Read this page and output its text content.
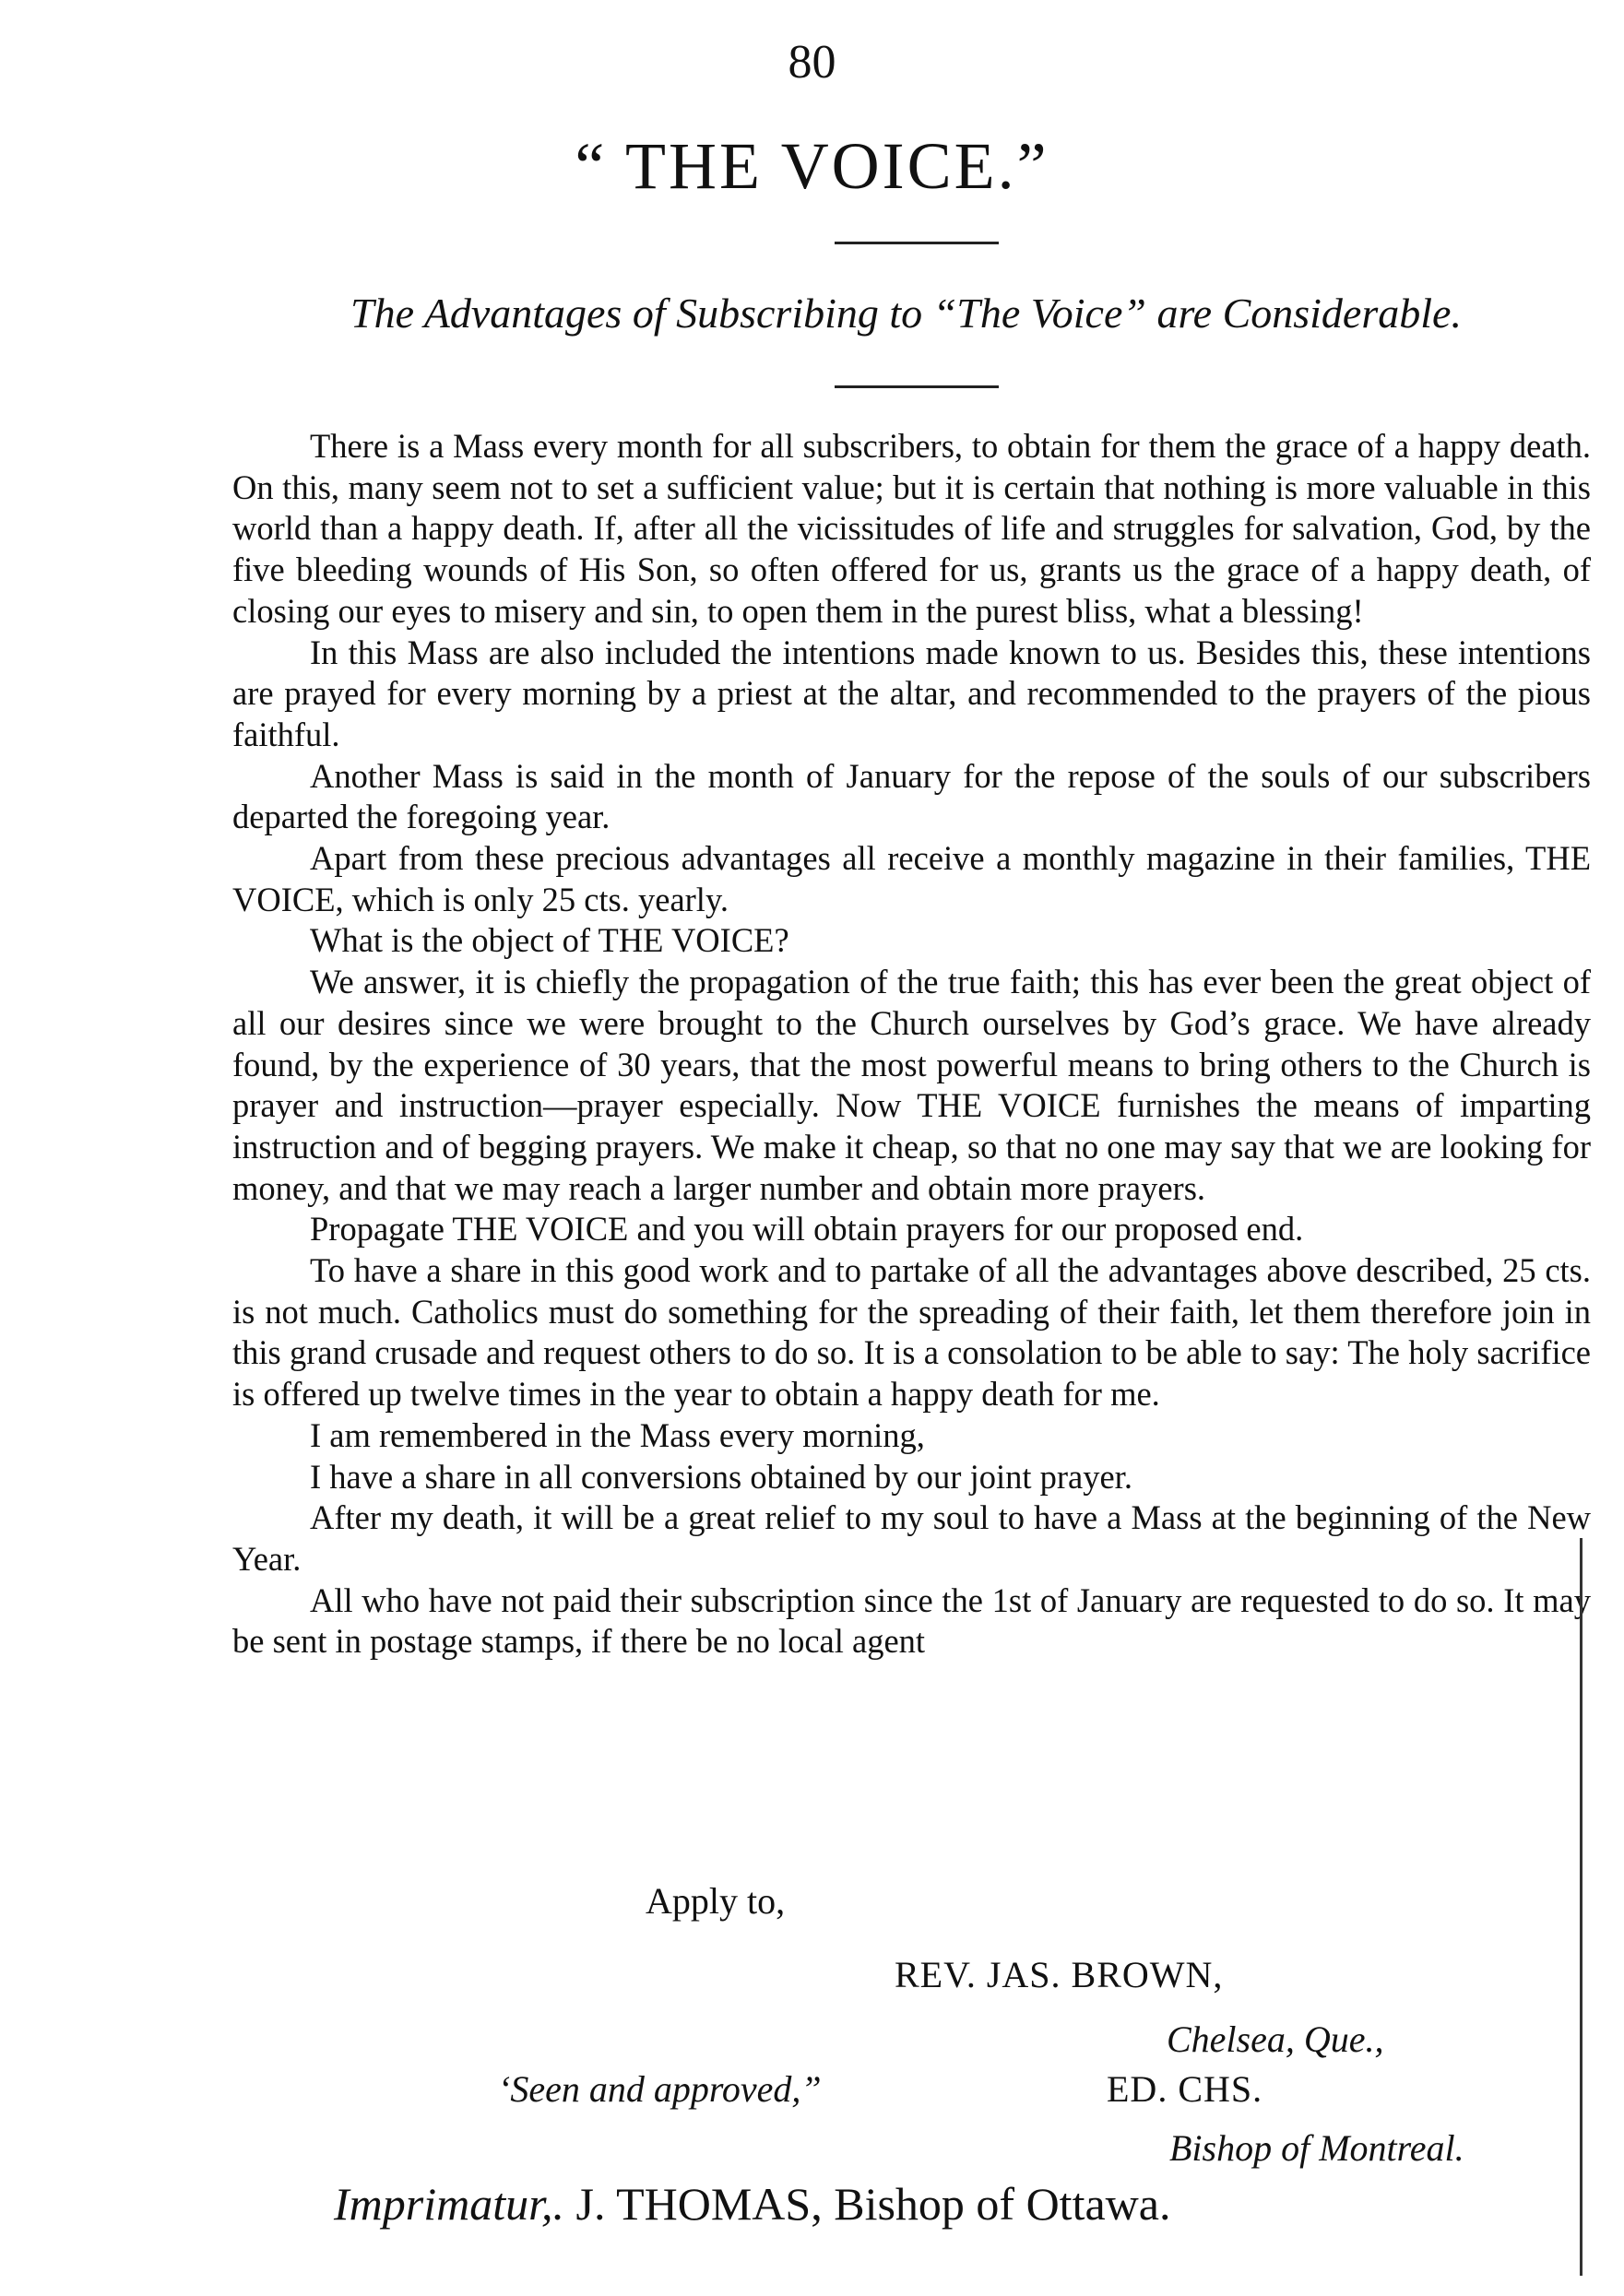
80
“ THE VOICE.”
The Advantages of Subscribing to “The Voice” are Considerable.

There is a Mass every month for all subscribers, to obtain for them the grace of a happy death. On this, many seem not to set a sufficient value; but it is certain that nothing is more valuable in this world than a happy death. If, after all the vicissitudes of life and struggles for salvation, God, by the five bleeding wounds of His Son, so often offered for us, grants us the grace of a happy death, of closing our eyes to misery and sin, to open them in the purest bliss, what a blessing!

In this Mass are also included the intentions made known to us. Besides this, these intentions are prayed for every morning by a priest at the altar, and recommended to the prayers of the pious faithful.

Another Mass is said in the month of January for the repose of the souls of our subscribers departed the foregoing year.

Apart from these precious advantages all receive a monthly magazine in their families, THE VOICE, which is only 25 cts. yearly.

What is the object of THE VOICE?

We answer, it is chiefly the propagation of the true faith; this has ever been the great object of all our desires since we were brought to the Church ourselves by God’s grace. We have already found, by the experience of 30 years, that the most powerful means to bring others to the Church is prayer and instruction—prayer especially. Now THE VOICE furnishes the means of imparting instruction and of begging prayers. We make it cheap, so that no one may say that we are looking for money, and that we may reach a larger number and obtain more prayers.

Propagate THE VOICE and you will obtain prayers for our proposed end.

To have a share in this good work and to partake of all the advantages above described, 25 cts. is not much. Catholics must do something for the spreading of their faith, let them therefore join in this grand crusade and request others to do so. It is a consolation to be able to say: The holy sacrifice is offered up twelve times in the year to obtain a happy death for me.

I am remembered in the Mass every morning,

I have a share in all conversions obtained by our joint prayer.

After my death, it will be a great relief to my soul to have a Mass at the beginning of the New Year.

All who have not paid their subscription since the 1st of January are requested to do so. It may be sent in postage stamps, if there be no local agent

Apply to,
REV. JAS. BROWN,
Chelsea, Que.,
‘Seen and approved,”	ED. CHS.
Bishop of Montreal.
Imprimatur,. J. THOMAS, Bishop of Ottawa.
